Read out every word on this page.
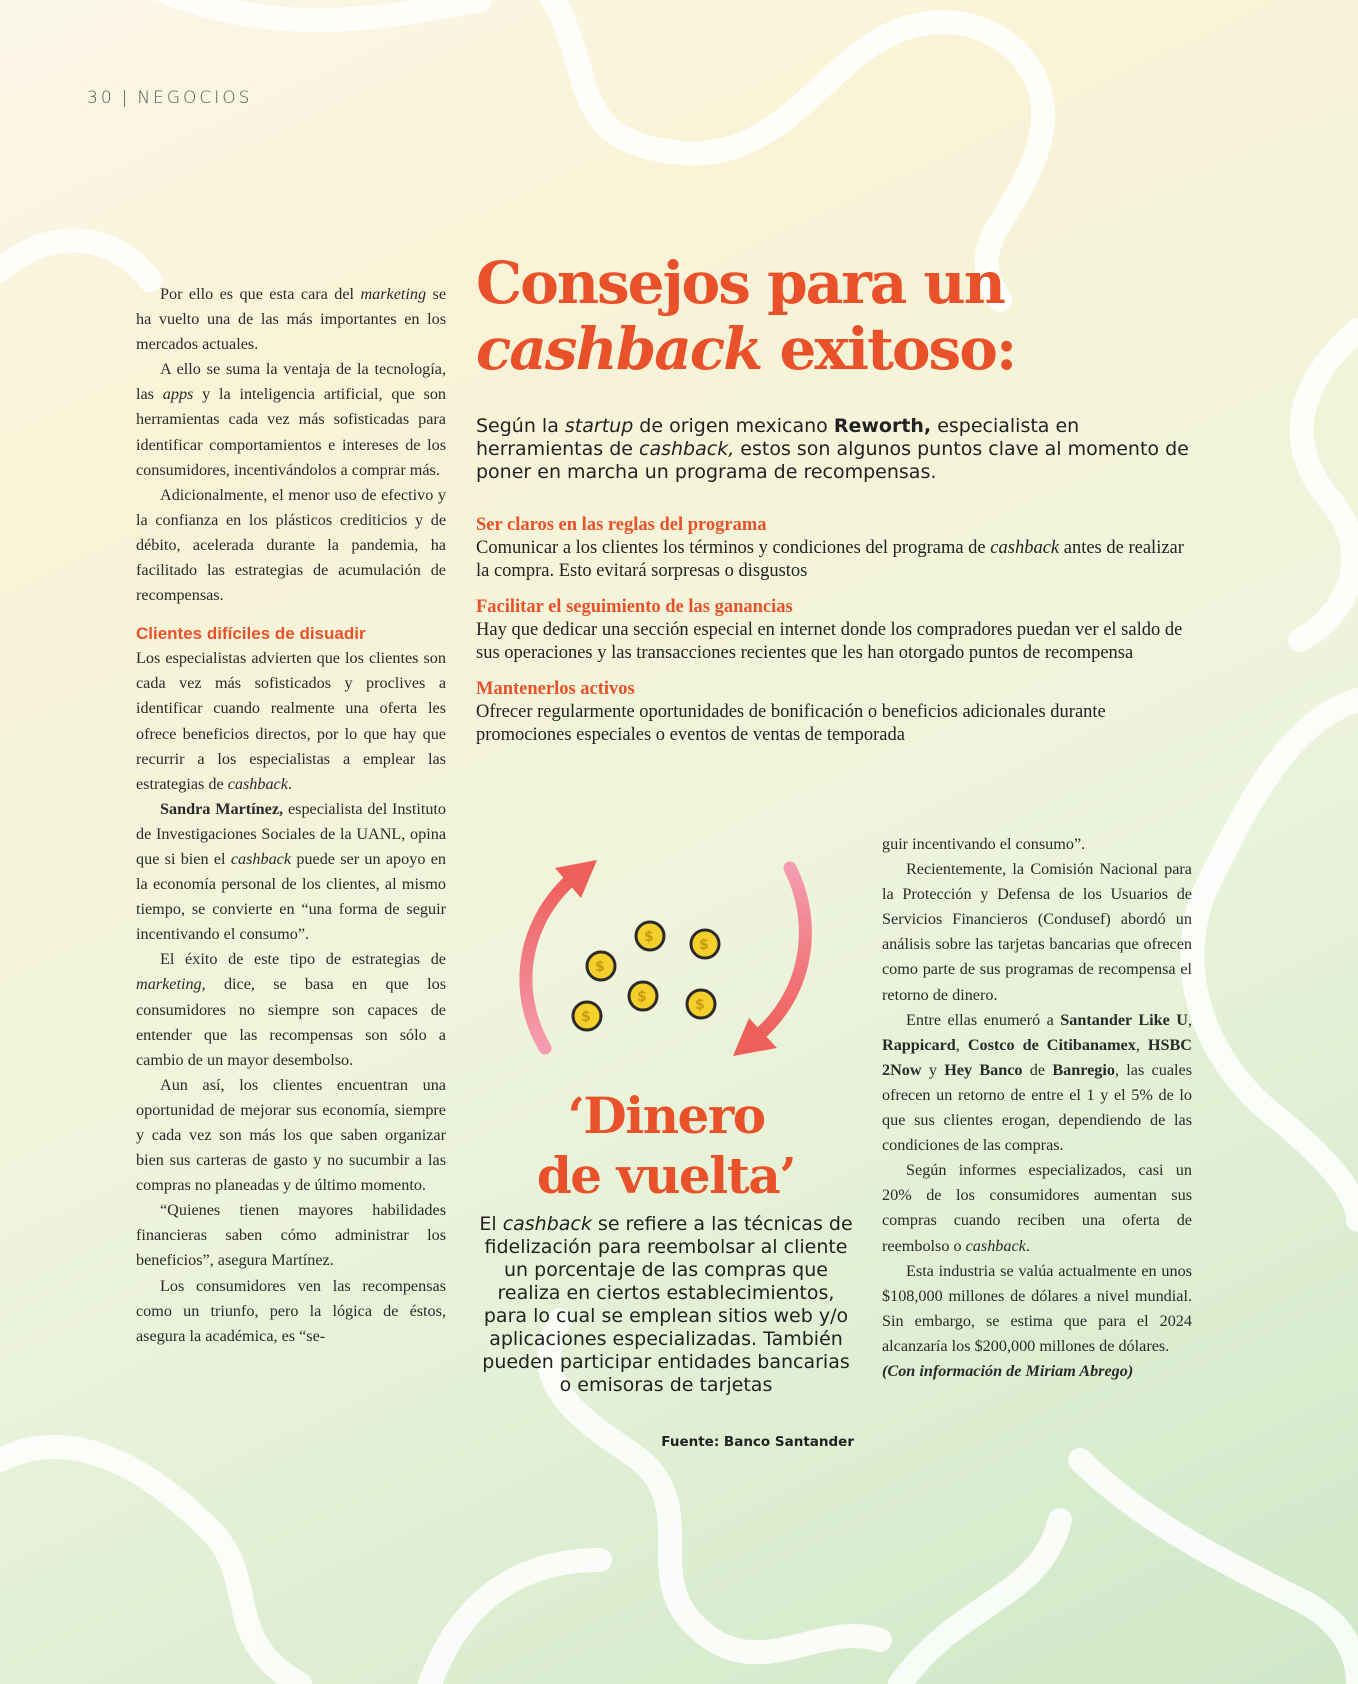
30 | NEGOCIOS

Por ello es que esta cara del marketing se ha vuelto una de las más importantes en los mercados actuales.

A ello se suma la ventaja de la tecnología, las apps y la inteligencia artificial, que son herramientas cada vez más sofisticadas para identificar comportamientos e intereses de los consumidores, incentivándolos a comprar más.

Adicionalmente, el menor uso de efectivo y la confianza en los plásticos crediticios y de débito, acelerada durante la pandemia, ha facilitado las estrategias de acumulación de recompensas.

Clientes difíciles de disuadir

Los especialistas advierten que los clientes son cada vez más sofisticados y proclives a identificar cuando realmente una oferta les ofrece beneficios directos, por lo que hay que recurrir a los especialistas a emplear las estrategias de cashback.

Sandra Martínez, especialista del Instituto de Investigaciones Sociales de la UANL, opina que si bien el cashback puede ser un apoyo en la economía personal de los clientes, al mismo tiempo, se convierte en “una forma de seguir incentivando el consumo”.

El éxito de este tipo de estrategias de marketing, dice, se basa en que los consumidores no siempre son capaces de entender que las recompensas son sólo a cambio de un mayor desembolso.

Aun así, los clientes encuentran una oportunidad de mejorar sus economía, siempre y cada vez son más los que saben organizar bien sus carteras de gasto y no sucumbir a las compras no planeadas y de último momento.

“Quienes tienen mayores habilidades financieras saben cómo administrar los beneficios”, asegura Martínez.

Los consumidores ven las recompensas como un triunfo, pero la lógica de éstos, asegura la académica, es “se-

Consejos para un
cashback exitoso:
Según la startup de origen mexicano Reworth, especialista en herramientas de cashback, estos son algunos puntos clave al momento de poner en marcha un programa de recompensas.
Ser claros en las reglas del programa

Comunicar a los clientes los términos y condiciones del programa de cashback antes de realizar la compra. Esto evitará sorpresas o disgustos

Facilitar el seguimiento de las ganancias

Hay que dedicar una sección especial en internet donde los compradores puedan ver el saldo de sus operaciones y las transacciones recientes que les han otorgado puntos de recompensa

Mantenerlos activos

Ofrecer regularmente oportunidades de bonificación o beneficios adicionales durante promociones especiales o eventos de ventas de temporada

$	$
$
$	$
$
‘Dinero
de vuelta’
El cashback se refiere a las técnicas de fidelización para reembolsar al cliente un porcentaje de las compras que realiza en ciertos establecimientos, para lo cual se emplean sitios web y/o aplicaciones especializadas. También pueden participar entidades bancarias o emisoras de tarjetas
Fuente: Banco Santander

guir incentivando el consumo”.

Recientemente, la Comisión Nacional para la Protección y Defensa de los Usuarios de Servicios Financieros (Condusef) abordó un análisis sobre las tarjetas bancarias que ofrecen como parte de sus programas de recompensa el retorno de dinero.

Entre ellas enumeró a Santander Like U, Rappicard, Costco de Citibanamex, HSBC 2Now y Hey Banco de Banregio, las cuales ofrecen un retorno de entre el 1 y el 5% de lo que sus clientes erogan, dependiendo de las condiciones de las compras.

Según informes especializados, casi un 20% de los consumidores aumentan sus compras cuando reciben una oferta de reembolso o cashback.

Esta industria se valúa actualmente en unos $108,000 millones de dólares a nivel mundial. Sin embargo, se estima que para el 2024 alcanzaría los $200,000 millones de dólares.

(Con información de Miriam Abrego)
